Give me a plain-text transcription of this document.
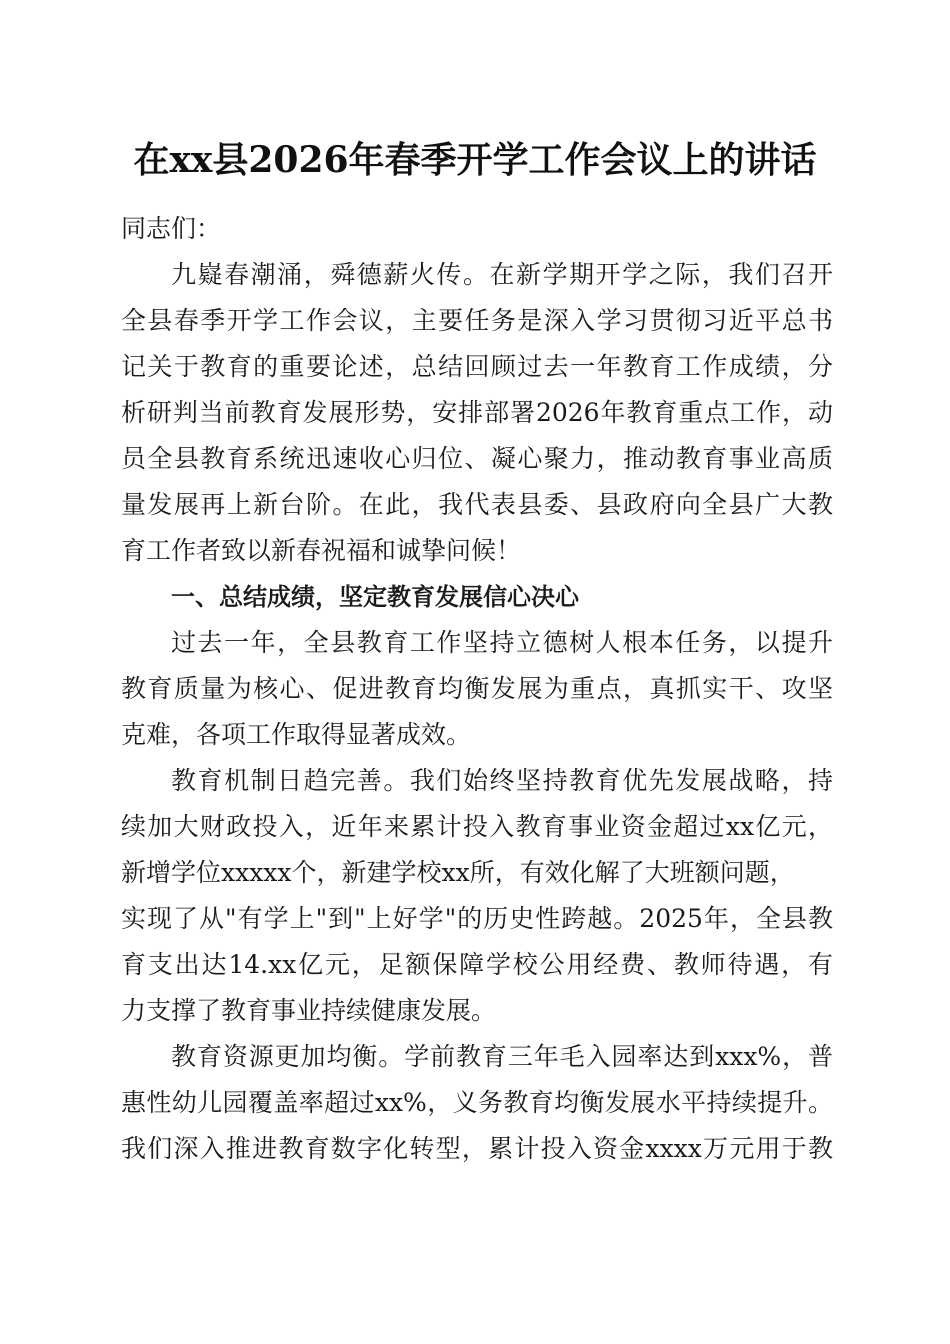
在xx县2026年春季开学工作会议上的讲话
同志们：
九嶷春潮涌，舜德薪火传。在新学期开学之际，我们召开
全县春季开学工作会议，主要任务是深入学习贯彻习近平总书
记关于教育的重要论述，总结回顾过去一年教育工作成绩，分
析研判当前教育发展形势，安排部署2026年教育重点工作，动
员全县教育系统迅速收心归位、凝心聚力，推动教育事业高质
量发展再上新台阶。在此，我代表县委、县政府向全县广大教
育工作者致以新春祝福和诚挚问候！
一、总结成绩，坚定教育发展信心决心
过去一年，全县教育工作坚持立德树人根本任务，以提升
教育质量为核心、促进教育均衡发展为重点，真抓实干、攻坚
克难，各项工作取得显著成效。
教育机制日趋完善。我们始终坚持教育优先发展战略，持
续加大财政投入，近年来累计投入教育事业资金超过xx亿元，
新增学位xxxxx个，新建学校xx所，有效化解了大班额问题，
实现了从"有学上"到"上好学"的历史性跨越。2025年，全县教
育支出达14.xx亿元，足额保障学校公用经费、教师待遇，有
力支撑了教育事业持续健康发展。
教育资源更加均衡。学前教育三年毛入园率达到xxx%，普
惠性幼儿园覆盖率超过xx%，义务教育均衡发展水平持续提升。
我们深入推进教育数字化转型，累计投入资金xxxx万元用于教
